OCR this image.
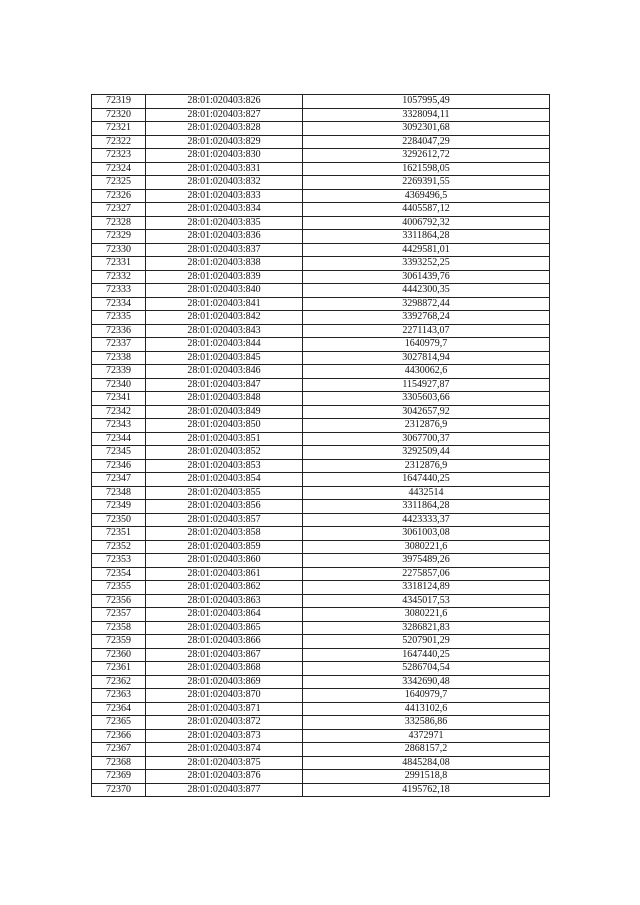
72319	28:01:020403:826	1057995,49
72320	28:01:020403:827	3328094,11
72321	28:01:020403:828	3092301,68
72322	28:01:020403:829	2284047,29
72323	28:01:020403:830	3292612,72
72324	28:01:020403:831	1621598,05
72325	28:01:020403:832	2269391,55
72326	28:01:020403:833	4369496,5
72327	28:01:020403:834	4405587,12
72328	28:01:020403:835	4006792,32
72329	28:01:020403:836	3311864,28
72330	28:01:020403:837	4429581,01
72331	28:01:020403:838	3393252,25
72332	28:01:020403:839	3061439,76
72333	28:01:020403:840	4442300,35
72334	28:01:020403:841	3298872,44
72335	28:01:020403:842	3392768,24
72336	28:01:020403:843	2271143,07
72337	28:01:020403:844	1640979,7
72338	28:01:020403:845	3027814,94
72339	28:01:020403:846	4430062,6
72340	28:01:020403:847	1154927,87
72341	28:01:020403:848	3305603,66
72342	28:01:020403:849	3042657,92
72343	28:01:020403:850	2312876,9
72344	28:01:020403:851	3067700,37
72345	28:01:020403:852	3292509,44
72346	28:01:020403:853	2312876,9
72347	28:01:020403:854	1647440,25
72348	28:01:020403:855	4432514
72349	28:01:020403:856	3311864,28
72350	28:01:020403:857	4423333,37
72351	28:01:020403:858	3061003,08
72352	28:01:020403:859	3080221,6
72353	28:01:020403:860	3975489,26
72354	28:01:020403:861	2275857,06
72355	28:01:020403:862	3318124,89
72356	28:01:020403:863	4345017,53
72357	28:01:020403:864	3080221,6
72358	28:01:020403:865	3286821,83
72359	28:01:020403:866	5207901,29
72360	28:01:020403:867	1647440,25
72361	28:01:020403:868	5286704,54
72362	28:01:020403:869	3342690,48
72363	28:01:020403:870	1640979,7
72364	28:01:020403:871	4413102,6
72365	28:01:020403:872	332586,86
72366	28:01:020403:873	4372971
72367	28:01:020403:874	2868157,2
72368	28:01:020403:875	4845284,08
72369	28:01:020403:876	2991518,8
72370	28:01:020403:877	4195762,18
